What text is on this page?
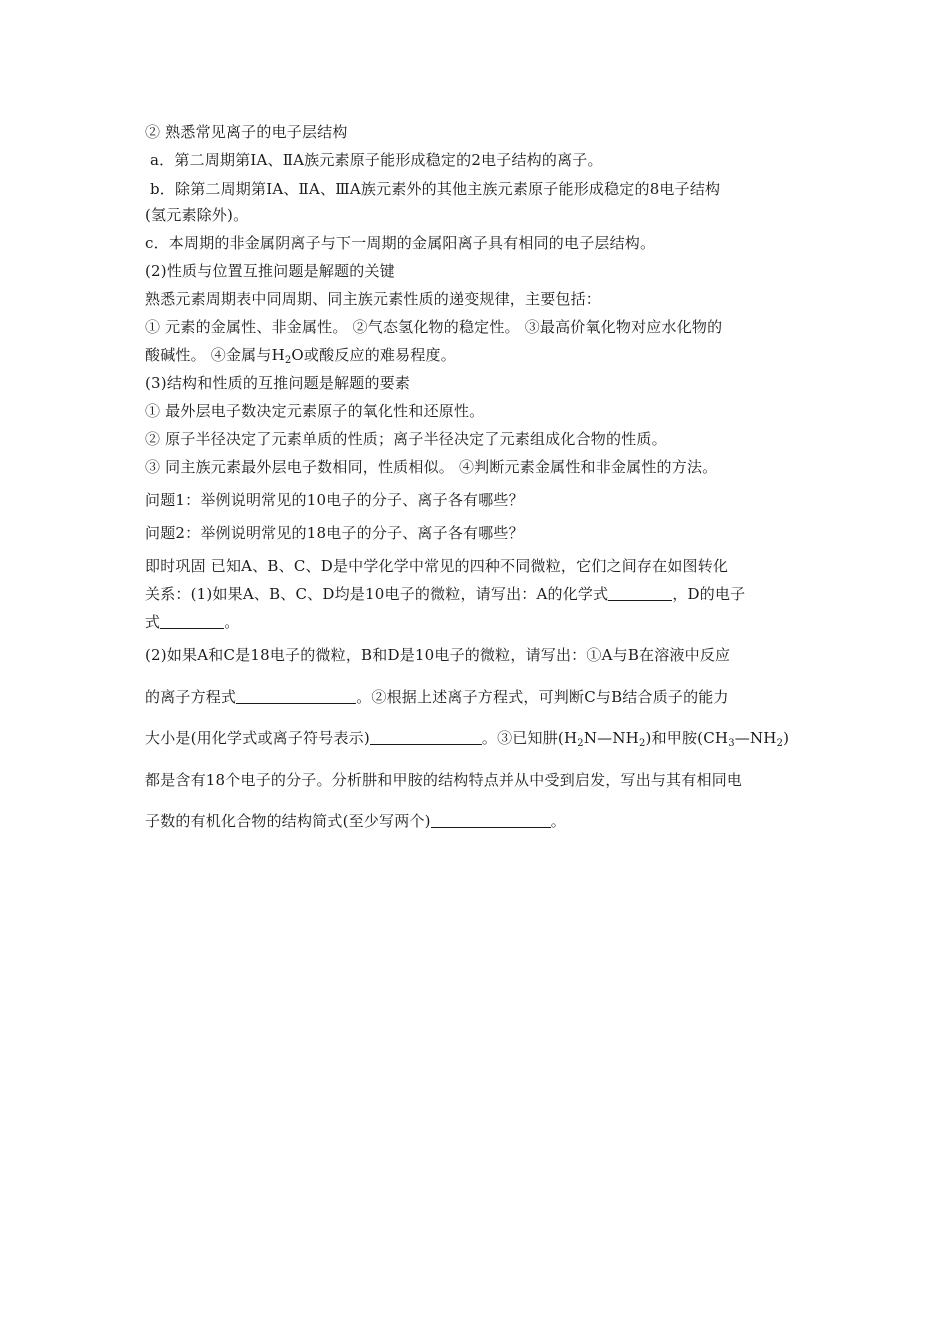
② 熟悉常见离子的电子层结构
a．第二周期第ⅠA、ⅡA族元素原子能形成稳定的2电子结构的离子。
b．除第二周期第ⅠA、ⅡA、ⅢA族元素外的其他主族元素原子能形成稳定的8电子结构
(氢元素除外)。
c．本周期的非金属阴离子与下一周期的金属阳离子具有相同的电子层结构。
(2)性质与位置互推问题是解题的关键
熟悉元素周期表中同周期、同主族元素性质的递变规律，主要包括：
① 元素的金属性、非金属性。 ②气态氢化物的稳定性。 ③最高价氧化物对应水化物的
酸碱性。 ④金属与$H_2O$或酸反应的难易程度。
(3)结构和性质的互推问题是解题的要素
① 最外层电子数决定元素原子的氧化性和还原性。
② 原子半径决定了元素单质的性质；离子半径决定了元素组成化合物的性质。
③ 同主族元素最外层电子数相同，性质相似。 ④判断元素金属性和非金属性的方法。
问题1：举例说明常见的10电子的分子、离子各有哪些？
问题2：举例说明常见的18电子的分子、离子各有哪些？
即时巩固 已知A、B、C、D是中学化学中常见的四种不同微粒，它们之间存在如图转化
关系：(1)如果A、B、C、D均是10电子的微粒，请写出：A的化学式	，D的电子
式	。
(2)如果A和C是18电子的微粒，B和D是10电子的微粒，请写出：①A与B在溶液中反应
的离子方程式	。②根据上述离子方程式，可判断C与B结合质子的能力
大小是(用化学式或离子符号表示)	。③已知肼$(H_2N—NH_2)$和甲胺$(CH_3—NH_2)$
都是含有18个电子的分子。分析肼和甲胺的结构特点并从中受到启发，写出与其有相同电
子数的有机化合物的结构简式(至少写两个)	。
